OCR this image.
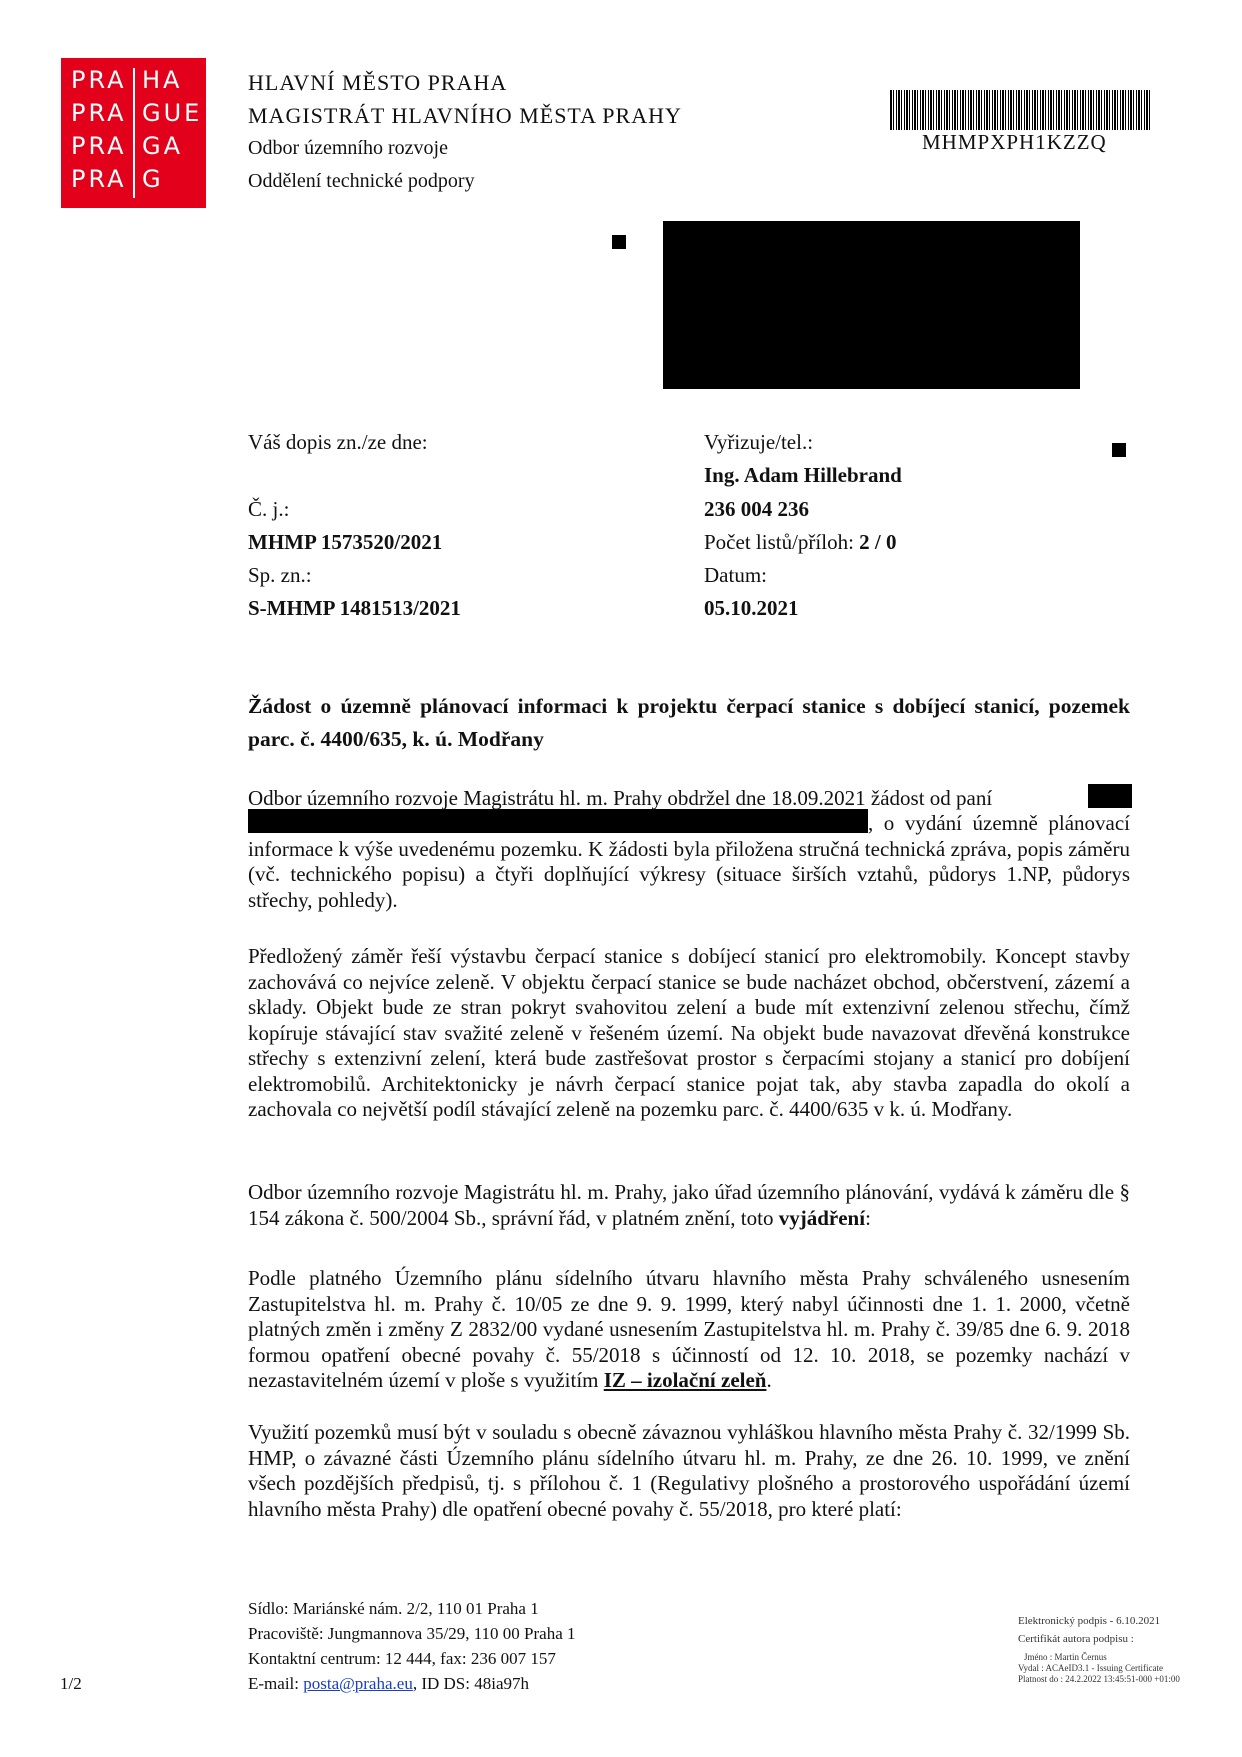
PRA HA
PRA GUE
PRA GA
PRA G
HLAVNÍ MĚSTO PRAHA
MAGISTRÁT HLAVNÍHO MĚSTA PRAHY
Odbor územního rozvoje
Oddělení technické podpory
MHMPXPH1KZZQ
Váš dopis zn./ze dne:
Č. j.:
MHMP 1573520/2021
Sp. zn.:
S-MHMP 1481513/2021
Vyřizuje/tel.:
Ing. Adam Hillebrand
236 004 236
Počet listů/příloh: 2 / 0
Datum:
05.10.2021
Žádost o územně plánovací informaci k projektu čerpací stanice s dobíjecí stanicí, pozemek parc. č. 4400/635, k. ú. Modřany
Odbor územního rozvoje Magistrátu hl. m. Prahy obdržel dne 18.09.2021 žádost od paní
, o vydání územně plánovací informace k výše uvedenému pozemku. K žádosti byla přiložena stručná technická zpráva, popis záměru (vč. technického popisu) a čtyři doplňující výkresy (situace širších vztahů, půdorys 1.NP, půdorys střechy, pohledy).
Předložený záměr řeší výstavbu čerpací stanice s dobíjecí stanicí pro elektromobily. Koncept stavby zachovává co nejvíce zeleně. V objektu čerpací stanice se bude nacházet obchod, občerstvení, zázemí a sklady. Objekt bude ze stran pokryt svahovitou zelení a bude mít extenzivní zelenou střechu, čímž kopíruje stávající stav svažité zeleně v řešeném území. Na objekt bude navazovat dřevěná konstrukce střechy s extenzivní zelení, která bude zastřešovat prostor s čerpacími stojany a stanicí pro dobíjení elektromobilů. Architektonicky je návrh čerpací stanice pojat tak, aby stavba zapadla do okolí a zachovala co největší podíl stávající zeleně na pozemku parc. č. 4400/635 v k. ú. Modřany.
Odbor územního rozvoje Magistrátu hl. m. Prahy, jako úřad územního plánování, vydává k záměru dle § 154 zákona č. 500/2004 Sb., správní řád, v platném znění, toto vyjádření:
Podle platného Územního plánu sídelního útvaru hlavního města Prahy schváleného usnesením Zastupitelstva hl. m. Prahy č. 10/05 ze dne 9. 9. 1999, který nabyl účinnosti dne 1. 1. 2000, včetně platných změn i změny Z 2832/00 vydané usnesením Zastupitelstva hl. m. Prahy č. 39/85 dne 6. 9. 2018 formou opatření obecné povahy č. 55/2018 s účinností od 12. 10. 2018, se pozemky nachází v nezastavitelném území v ploše s využitím IZ – izolační zeleň.
Využití pozemků musí být v souladu s obecně závaznou vyhláškou hlavního města Prahy č. 32/1999 Sb. HMP, o závazné části Územního plánu sídelního útvaru hl. m. Prahy, ze dne 26. 10. 1999, ve znění všech pozdějších předpisů, tj. s přílohou č. 1 (Regulativy plošného a prostorového uspořádání území hlavního města Prahy) dle opatření obecné povahy č. 55/2018, pro které platí:
Sídlo: Mariánské nám. 2/2, 110 01 Praha 1
Pracoviště: Jungmannova 35/29, 110 00 Praha 1
Kontaktní centrum: 12 444, fax: 236 007 157
E-mail: posta@praha.eu, ID DS: 48ia97h
1/2
Elektronický podpis - 6.10.2021
Certifikát autora podpisu :
Jméno : Martin Černus
Vydal : ACAeID3.1 - Issuing Certificate
Platnost do : 24.2.2022 13:45:51-000 +01:00
